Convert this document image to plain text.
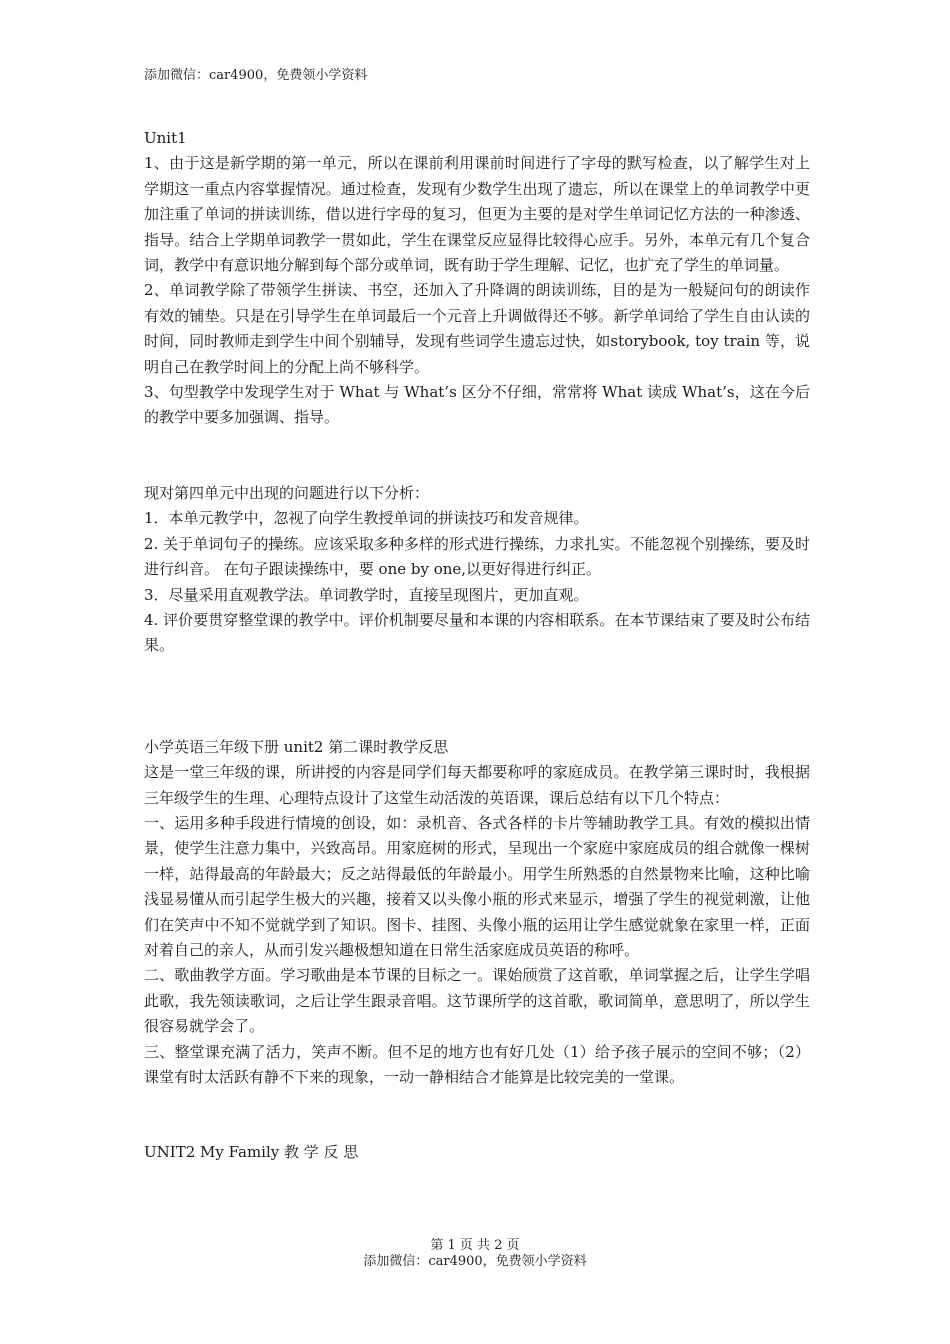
添加微信：car4900，免费领小学资料

Unit1

1、由于这是新学期的第一单元，所以在课前利用课前时间进行了字母的默写检查，以了解学生对上学期这一重点内容掌握情况。通过检查，发现有少数学生出现了遗忘，所以在课堂上的单词教学中更加注重了单词的拼读训练，借以进行字母的复习，但更为主要的是对学生单词记忆方法的一种渗透、指导。结合上学期单词教学一贯如此，学生在课堂反应显得比较得心应手。另外，本单元有几个复合词，教学中有意识地分解到每个部分或单词，既有助于学生理解、记忆，也扩充了学生的单词量。

2、单词教学除了带领学生拼读、书空，还加入了升降调的朗读训练，目的是为一般疑问句的朗读作有效的铺垫。只是在引导学生在单词最后一个元音上升调做得还不够。新学单词给了学生自由认读的时间，同时教师走到学生中间个别辅导，发现有些词学生遗忘过快，如storybook, toy train 等，说明自己在教学时间上的分配上尚不够科学。

3、句型教学中发现学生对于 What 与 What’s 区分不仔细，常常将 What 读成 What’s，这在今后的教学中要多加强调、指导。

现对第四单元中出现的问题进行以下分析：

1．本单元教学中，忽视了向学生教授单词的拼读技巧和发音规律。

2. 关于单词句子的操练。应该采取多种多样的形式进行操练，力求扎实。不能忽视个别操练，要及时进行纠音。 在句子跟读操练中，要 one by one,以更好得进行纠正。

3．尽量采用直观教学法。单词教学时，直接呈现图片，更加直观。

4. 评价要贯穿整堂课的教学中。评价机制要尽量和本课的内容相联系。在本节课结束了要及时公布结果。

小学英语三年级下册 unit2 第二课时教学反思

这是一堂三年级的课，所讲授的内容是同学们每天都要称呼的家庭成员。在教学第三课时时，我根据三年级学生的生理、心理特点设计了这堂生动活泼的英语课，课后总结有以下几个特点：

一、运用多种手段进行情境的创设，如：录机音、各式各样的卡片等辅助教学工具。有效的模拟出情景，使学生注意力集中，兴致高昂。用家庭树的形式，呈现出一个家庭中家庭成员的组合就像一棵树一样，站得最高的年龄最大；反之站得最低的年龄最小。用学生所熟悉的自然景物来比喻，这种比喻浅显易懂从而引起学生极大的兴趣，接着又以头像小瓶的形式来显示，增强了学生的视觉刺激，让他们在笑声中不知不觉就学到了知识。图卡、挂图、头像小瓶的运用让学生感觉就象在家里一样，正面对着自己的亲人，从而引发兴趣极想知道在日常生活家庭成员英语的称呼。

二、歌曲教学方面。学习歌曲是本节课的目标之一。课始颀赏了这首歌，单词掌握之后，让学生学唱此歌，我先领读歌词，之后让学生跟录音唱。这节课所学的这首歌，歌词简单，意思明了，所以学生很容易就学会了。

三、整堂课充满了活力，笑声不断。但不足的地方也有好几处（1）给予孩子展示的空间不够；（2）课堂有时太活跃有静不下来的现象，一动一静相结合才能算是比较完美的一堂课。

UNIT2 My Family 教 学 反 思

第 1 页 共 2 页
添加微信：car4900，免费领小学资料
